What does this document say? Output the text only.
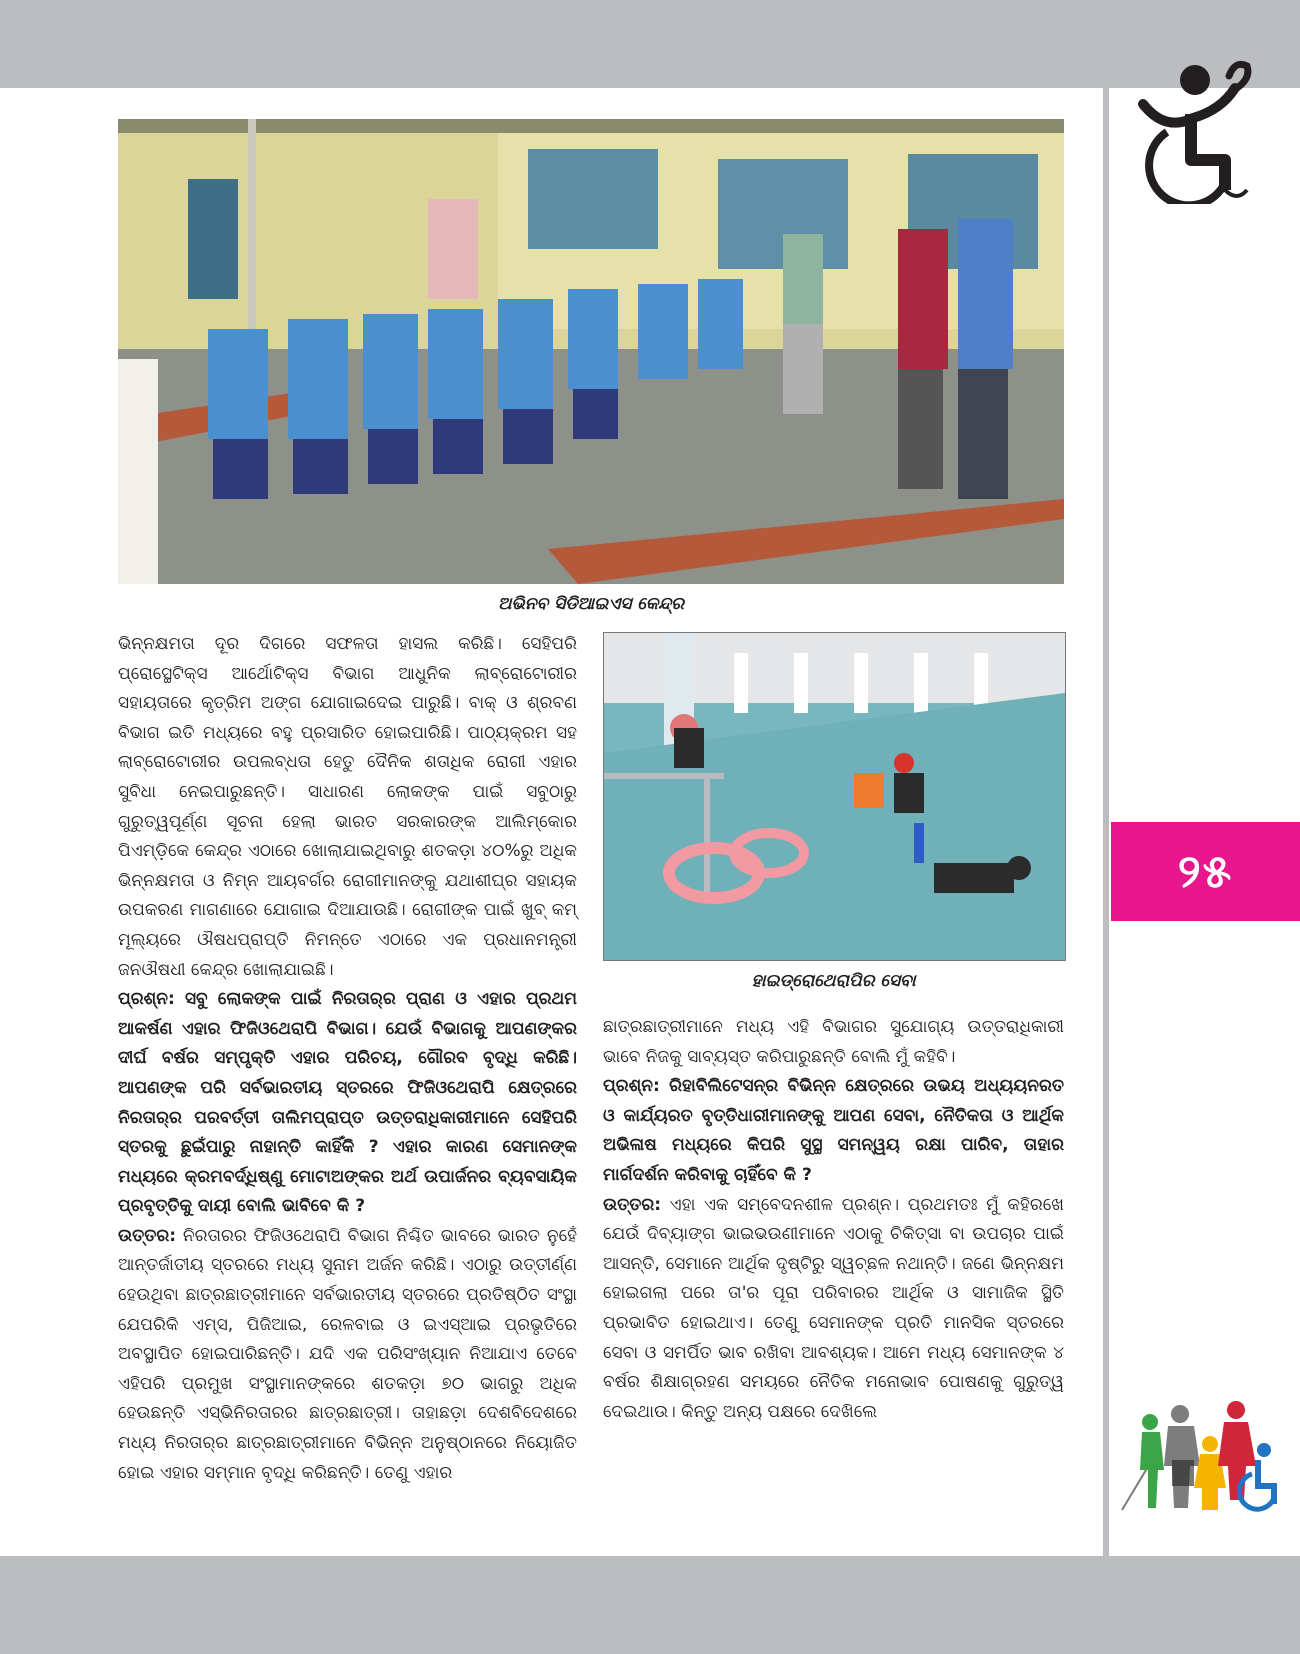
୨୫
ଅଭିନବ ସିଡିଆଇଏସ କେନ୍ଦ୍ର
ହାଇଡ୍ରୋଥେରାପିର ସେବା

ଭିନ୍ନକ୍ଷମତା ଦୂର ଦିଗରେ ସଫଳତା ହାସଲ କରିଛି। ସେହିପରି ପ୍ରୋସ୍ଥେଟିକ୍ସ ଆର୍ଥୋଟିକ୍ସ ବିଭାଗ ଆଧୁନିକ ଲାବ୍ରୋଟୋରୀର ସହାୟତାରେ କୃତ୍ରିମ ଅଙ୍ଗ ଯୋଗାଇଦେଇ ପାରୁଛି। ବାକ୍ ଓ ଶ୍ରବଣ ବିଭାଗ ଇତି ମଧ୍ୟରେ ବହୁ ପ୍ରସାରିତ ହୋଇପାରିଛି। ପାଠ୍ୟକ୍ରମ ସହ ଲାବ୍ରୋଟୋରୀର ଉପଲବ୍ଧତା ହେତୁ ଦୈନିକ ଶତାଧିକ ରୋଗୀ ଏହାର ସୁବିଧା ନେଇପାରୁଛନ୍ତି। ସାଧାରଣ ଲୋକଙ୍କ ପାଇଁ ସବୁଠାରୁ ଗୁରୁତ୍ୱପୂର୍ଣ୍ଣ ସୂଚନା ହେଲା ଭାରତ ସରକାରଙ୍କ ଆଲିମ୍‌କୋର ପିଏମ୍‌ଡ଼ିକେ କେନ୍ଦ୍ର ଏଠାରେ ଖୋଲାଯାଇଥିବାରୁ ଶତକଡ଼ା ୪୦%ରୁ ଅଧିକ ଭିନ୍ନକ୍ଷମତା ଓ ନିମ୍ନ ଆୟବର୍ଗର ରୋଗୀମାନଙ୍କୁ ଯଥାଶୀଘ୍ର ସହାୟକ ଉପକରଣ ମାଗଣାରେ ଯୋଗାଇ ଦିଆଯାଉଛି। ରୋଗୀଙ୍କ ପାଇଁ ଖୁବ୍ କମ୍ ମୂଲ୍ୟରେ ଔଷଧପ୍ରାପ୍ତି ନିମନ୍ତେ ଏଠାରେ ଏକ ପ୍ରଧାନମନ୍ତ୍ରୀ ଜନଔଷଧୀ କେନ୍ଦ୍ର ଖୋଲାଯାଇଛି।

ପ୍ରଶ୍ନ: ସବୁ ଲୋକଙ୍କ ପାଇଁ ନିରତାର୍‌ର ପ୍ରାଣ ଓ ଏହାର ପ୍ରଥମ ଆକର୍ଷଣ ଏହାର ଫିଜିଓଥେରାପି ବିଭାଗ। ଯେଉଁ ବିଭାଗକୁ ଆପଣଙ୍କର ଦୀର୍ଘ ବର୍ଷର ସମ୍ପୃକ୍ତି ଏହାର ପରିଚୟ, ଗୌରବ ବୃଦ୍ଧି କରିଛି। ଆପଣଙ୍କ ପରି ସର୍ବଭାରତୀୟ ସ୍ତରରେ ଫିଜିଓଥେରାପି କ୍ଷେତ୍ରରେ ନିରତାର୍‌ର ପରବର୍ତ୍ତୀ ତାଲିମପ୍ରାପ୍ତ ଉତ୍ତରାଧିକାରୀମାନେ ସେହିପରି ସ୍ତରକୁ ଛୁଇଁପାରୁ ନାହାନ୍ତି କାହିଁକି ? ଏହାର କାରଣ ସେମାନଙ୍କ ମଧ୍ୟରେ କ୍ରମବର୍ଦ୍ଧିଷ୍ଣୁ ମୋଟାଅଙ୍କର ଅର୍ଥ ଉପାର୍ଜନର ବ୍ୟବସାୟିକ ପ୍ରବୃତ୍ତିକୁ ଦାୟୀ ବୋଲି ଭାବିବେ କି ?

ଉତ୍ତର: ନିରତାରର ଫିଜିଓଥେରାପି ବିଭାଗ ନିଶ୍ଚିତ ଭାବରେ ଭାରତ ନୁହେଁ ଆନ୍ତର୍ଜାତୀୟ ସ୍ତରରେ ମଧ୍ୟ ସୁନାମ ଅର୍ଜନ କରିଛି। ଏଠାରୁ ଉତ୍ତୀର୍ଣ୍ଣ ହେଉଥିବା ଛାତ୍ରଛାତ୍ରୀମାନେ ସର୍ବଭାରତୀୟ ସ୍ତରରେ ପ୍ରତିଷ୍ଠିତ ସଂସ୍ଥା ଯେପରିକି ଏମ୍ସ, ପିଜିଆଇ, ରେଳବାଇ ଓ ଇଏସ୍‌ଆଇ ପ୍ରଭୃତିରେ ଅବସ୍ଥାପିତ ହୋଇପାରିଛନ୍ତି। ଯଦି ଏକ ପରିସଂଖ୍ୟାନ ନିଆଯାଏ ତେବେ ଏହିପରି ପ୍ରମୁଖ ସଂସ୍ଥାମାନଙ୍କରେ ଶତକଡ଼ା ୭୦ ଭାଗରୁ ଅଧିକ ହେଉଛନ୍ତି ଏସ୍‌ଭିନିରତାରର ଛାତ୍ରଛାତ୍ରୀ। ତାହାଛଡ଼ା ଦେଶବିଦେଶରେ ମଧ୍ୟ ନିରତାର୍‌ର ଛାତ୍ରଛାତ୍ରୀମାନେ ବିଭିନ୍ନ ଅନୁଷ୍ଠାନରେ ନିୟୋଜିତ ହୋଇ ଏହାର ସମ୍ମାନ ବୃଦ୍ଧି କରିଛନ୍ତି। ତେଣୁ ଏହାର

ଛାତ୍ରଛାତ୍ରୀମାନେ ମଧ୍ୟ ଏହି ବିଭାଗର ସୁଯୋଗ୍ୟ ଉତ୍ତରାଧିକାରୀ ଭାବେ ନିଜକୁ ସାବ୍ୟସ୍ତ କରିପାରୁଛନ୍ତି ବୋଲି ମୁଁ କହିବି।

ପ୍ରଶ୍ନ: ରିହାବିଲିଟେସନ୍‌ର ବିଭିନ୍ନ କ୍ଷେତ୍ରରେ ଉଭୟ ଅଧ୍ୟୟନରତ ଓ କାର୍ଯ୍ୟରତ ବୃତ୍ତିଧାରୀମାନଙ୍କୁ ଆପଣ ସେବା, ନୈତିକତା ଓ ଆର୍ଥିକ ଅଭିଳାଷ ମଧ୍ୟରେ କିପରି ସୁସ୍ଥ ସମନ୍ୱୟ ରକ୍ଷା ପାରିବ, ତାହାର ମାର୍ଗଦର୍ଶନ କରିବାକୁ ଚାହିଁବେ କି ?

ଉତ୍ତର: ଏହା ଏକ ସମ୍ବେଦନଶୀଳ ପ୍ରଶ୍ନ। ପ୍ରଥମତଃ ମୁଁ କହିରଖେ ଯେଉଁ ଦିବ୍ୟାଙ୍ଗ ଭାଇଭଉଣୀମାନେ ଏଠାକୁ ଚିକିତ୍ସା ବା ଉପଚାର ପାଇଁ ଆସନ୍ତି, ସେମାନେ ଆର୍ଥିକ ଦୃଷ୍ଟିରୁ ସ୍ୱଚ୍ଛଳ ନଥାନ୍ତି। ଜଣେ ଭିନ୍ନକ୍ଷମ ହୋଇଗଲା ପରେ ତା'ର ପୂରା ପରିବାରର ଆର୍ଥିକ ଓ ସାମାଜିକ ସ୍ଥିତି ପ୍ରଭାବିତ ହୋଇଥାଏ। ତେଣୁ ସେମାନଙ୍କ ପ୍ରତି ମାନସିକ ସ୍ତରରେ ସେବା ଓ ସମର୍ପିତ ଭାବ ରଖିବା ଆବଶ୍ୟକ। ଆମେ ମଧ୍ୟ ସେମାନଙ୍କ ୪ ବର୍ଷର ଶିକ୍ଷାଗ୍ରହଣ ସମୟରେ ନୈତିକ ମନୋଭାବ ପୋଷଣକୁ ଗୁରୁତ୍ୱ ଦେଇଥାଉ। କିନ୍ତୁ ଅନ୍ୟ ପକ୍ଷରେ ଦେଖିଲେ
